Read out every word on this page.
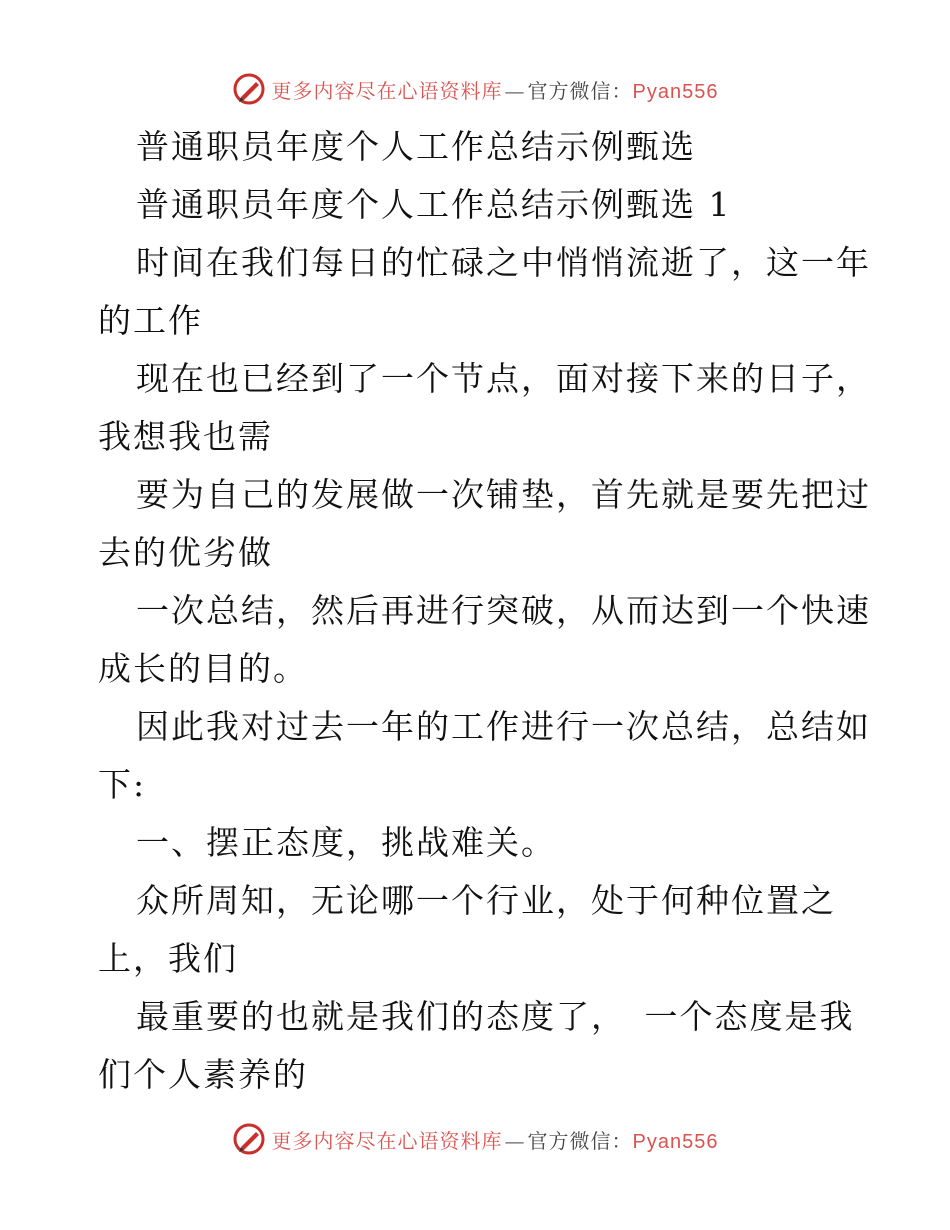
更多内容尽在心语资料库 — 官方微信：Pyan556
普通职员年度个人工作总结示例甄选
普通职员年度个人工作总结示例甄选 1
时间在我们每日的忙碌之中悄悄流逝了，这一年
的工作
现在也已经到了一个节点，面对接下来的日子，
我想我也需
要为自己的发展做一次铺垫，首先就是要先把过
去的优劣做
一次总结，然后再进行突破，从而达到一个快速
成长的目的。
因此我对过去一年的工作进行一次总结，总结如
下:
一、摆正态度，挑战难关。
众所周知，无论哪一个行业，处于何种位置之
上，我们
最重要的也就是我们的态度了，　一个态度是我
们个人素养的
更多内容尽在心语资料库 — 官方微信：Pyan556
